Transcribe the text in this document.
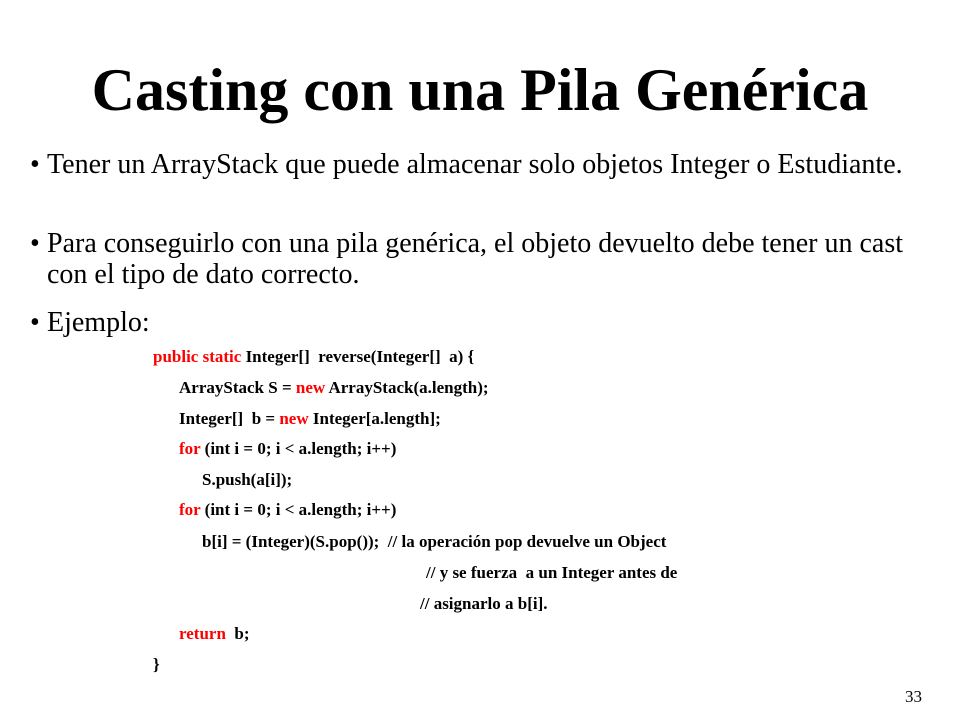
Casting con una Pila Genérica
• Tener un ArrayStack que puede almacenar solo objetos Integer o Estudiante.
• Para conseguirlo con una pila genérica, el objeto devuelto debe tener un cast con el tipo de dato correcto.
• Ejemplo:
public static Integer[]  reverse(Integer[]  a) {
ArrayStack S = new ArrayStack(a.length);
Integer[]  b = new Integer[a.length];
for (int i = 0; i < a.length; i++)
S.push(a[i]);
for (int i = 0; i < a.length; i++)
b[i] = (Integer)(S.pop());  // la operación pop devuelve un Object
// y se fuerza  a un Integer antes de
// asignarlo a b[i].
return  b;
}
33
